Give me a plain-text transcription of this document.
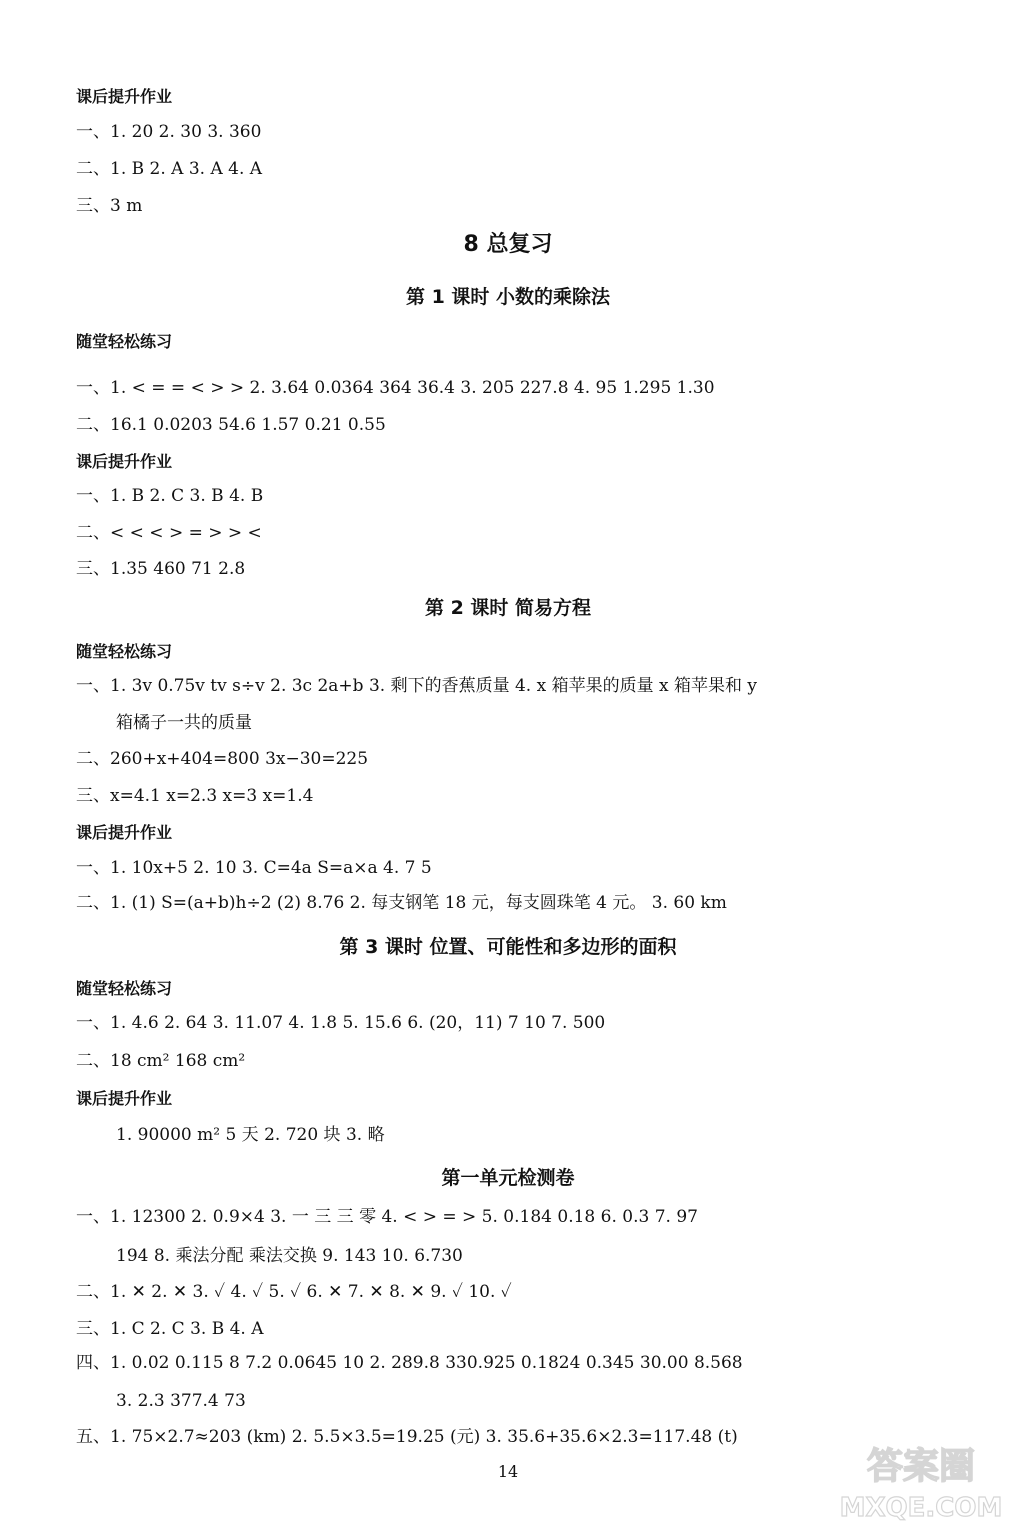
课后提升作业

一、1. 20 2. 30 3. 360

二、1. B 2. A 3. A 4. A

三、3 m

8 总复习

第 1 课时 小数的乘除法

随堂轻松练习

一、1. < = = < > > 2. 3.64 0.0364 364 36.4 3. 205 227.8 4. 95 1.295 1.30

二、16.1 0.0203 54.6 1.57 0.21 0.55

课后提升作业

一、1. B 2. C 3. B 4. B

二、< < < > = > > <

三、1.35 460 71 2.8

第 2 课时 简易方程

随堂轻松练习

一、1. 3v 0.75v tv s÷v 2. 3c 2a+b 3. 剩下的香蕉质量 4. x 箱苹果的质量 x 箱苹果和 y

箱橘子一共的质量

二、260+x+404=800 3x−30=225

三、x=4.1 x=2.3 x=3 x=1.4

课后提升作业

一、1. 10x+5 2. 10 3. C=4a S=a×a 4. 7 5

二、1. (1) S=(a+b)h÷2 (2) 8.76 2. 每支钢笔 18 元，每支圆珠笔 4 元。 3. 60 km

第 3 课时 位置、可能性和多边形的面积

随堂轻松练习

一、1. 4.6 2. 64 3. 11.07 4. 1.8 5. 15.6 6. (20，11) 7 10 7. 500

二、18 cm² 168 cm²

课后提升作业

1. 90000 m² 5 天 2. 720 块 3. 略

第一单元检测卷

一、1. 12300 2. 0.9×4 3. 一 三 三 零 4. < > = > 5. 0.184 0.18 6. 0.3 7. 97

194 8. 乘法分配 乘法交换 9. 143 10. 6.730

二、1. ✕ 2. ✕ 3. ✓ 4. ✓ 5. ✓ 6. ✕ 7. ✕ 8. ✕ 9. ✓ 10. ✓

三、1. C 2. C 3. B 4. A

四、1. 0.02 0.115 8 7.2 0.0645 10 2. 289.8 330.925 0.1824 0.345 30.00 8.568

3. 2.3 377.4 73

五、1. 75×2.7≈203 (km) 2. 5.5×3.5=19.25 (元) 3. 35.6+35.6×2.3=117.48 (t)

14	答案圈
MXQE.COM
